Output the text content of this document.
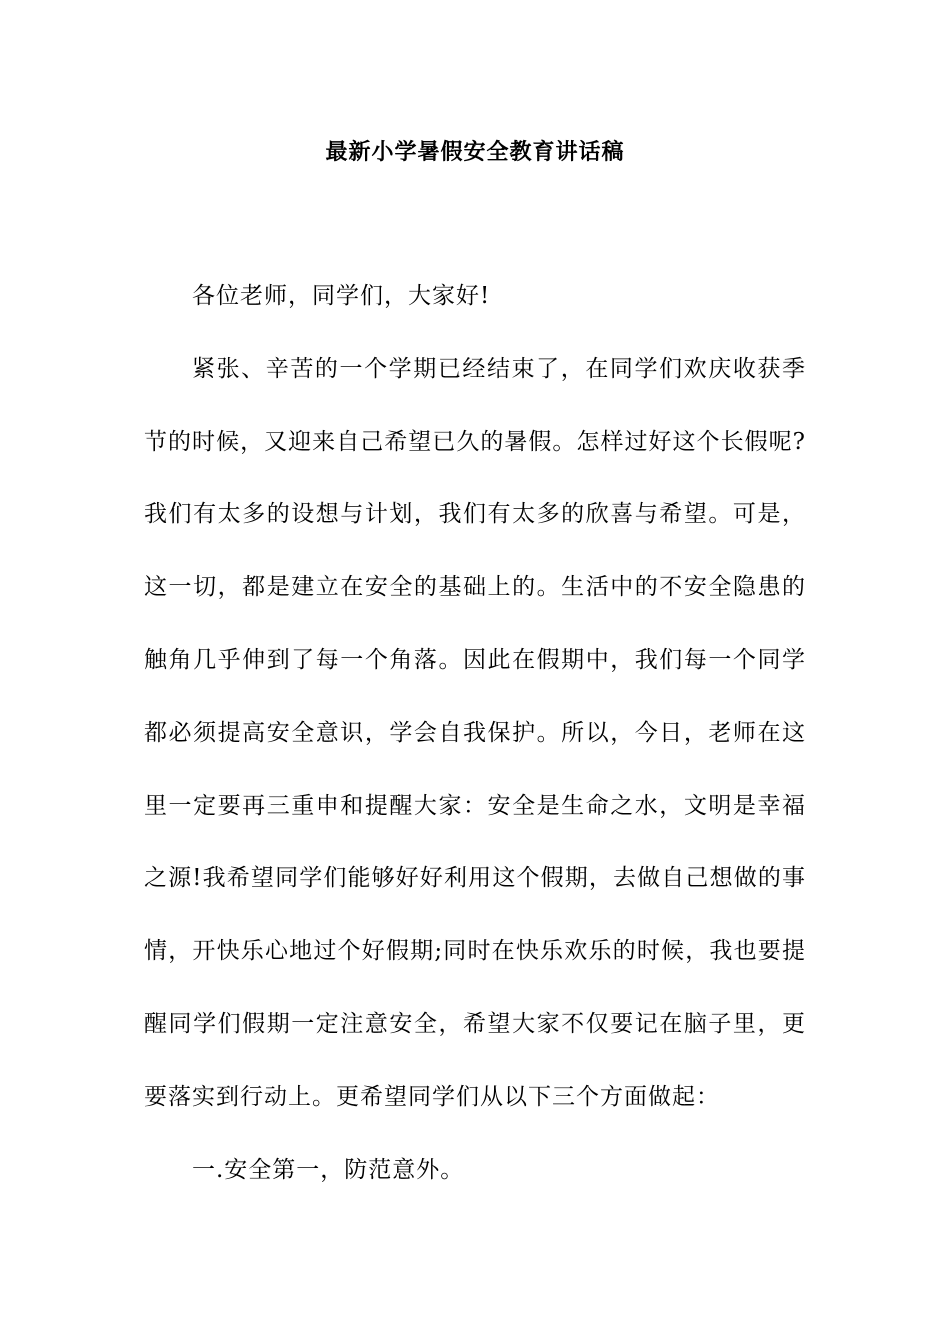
最新小学暑假安全教育讲话稿

各位老师，同学们，大家好!

紧张、辛苦的一个学期已经结束了，在同学们欢庆收获季节的时候，又迎来自己希望已久的暑假。怎样过好这个长假呢?我们有太多的设想与计划，我们有太多的欣喜与希望。可是，这一切，都是建立在安全的基础上的。生活中的不安全隐患的触角几乎伸到了每一个角落。因此在假期中，我们每一个同学都必须提高安全意识，学会自我保护。所以，今日，老师在这里一定要再三重申和提醒大家：安全是生命之水，文明是幸福之源!我希望同学们能够好好利用这个假期，去做自己想做的事情，开快乐心地过个好假期;同时在快乐欢乐的时候，我也要提醒同学们假期一定注意安全，希望大家不仅要记在脑子里，更要落实到行动上。更希望同学们从以下三个方面做起：

一.安全第一，防范意外。
